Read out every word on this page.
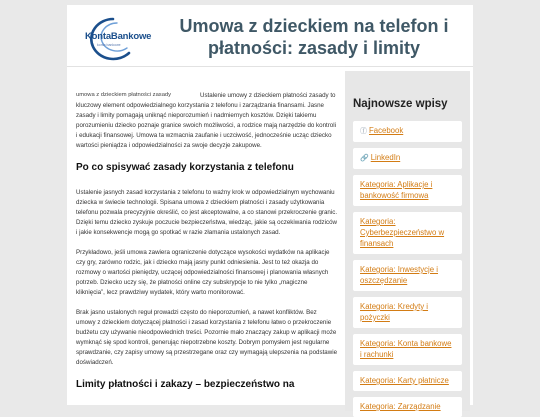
KontaBankowe
konta bankowe
Umowa z dzieckiem na telefon i płatności: zasady i limity

umowa z dzieckiem płatności zasady	Ustalenie umowy z dzieckiem płatności zasady to kluczowy element odpowiedzialnego korzystania z telefonu i zarządzania finansami. Jasne zasady i limity pomagają uniknąć nieporozumień i nadmiernych kosztów. Dzięki takiemu porozumieniu dziecko poznaje granice swoich możliwości, a rodzice mają narzędzie do kontroli i edukacji finansowej. Umowa ta wzmacnia zaufanie i uczciwość, jednocześnie ucząc dziecko wartości pieniądza i odpowiedzialności za swoje decyzje zakupowe.

Po co spisywać zasady korzystania z telefonu

Ustalenie jasnych zasad korzystania z telefonu to ważny krok w odpowiedzialnym wychowaniu dziecka w świecie technologii. Spisana umowa z dzieckiem płatności i zasady użytkowania telefonu pozwala precyzyjnie określić, co jest akceptowalne, a co stanowi przekroczenie granic. Dzięki temu dziecko zyskuje poczucie bezpieczeństwa, wiedząc, jakie są oczekiwania rodziców i jakie konsekwencje mogą go spotkać w razie złamania ustalonych zasad.

Przykładowo, jeśli umowa zawiera ograniczenie dotyczące wysokości wydatków na aplikacje czy gry, zarówno rodzic, jak i dziecko mają jasny punkt odniesienia. Jest to też okazja do rozmowy o wartości pieniędzy, uczącej odpowiedzialności finansowej i planowania własnych potrzeb. Dziecko uczy się, że płatności online czy subskrypcje to nie tylko „magiczne kliknięcia”, lecz prawdziwy wydatek, który warto monitorować.

Brak jasno ustalonych reguł prowadzi często do nieporozumień, a nawet konfliktów. Bez umowy z dzieckiem dotyczącej płatności i zasad korzystania z telefonu łatwo o przekroczenie budżetu czy używanie nieodpowiednich treści. Pozornie mało znaczący zakup w aplikacji może wymknąć się spod kontroli, generując niepotrzebne koszty. Dobrym pomysłem jest regularne sprawdzanie, czy zapisy umowy są przestrzegane oraz czy wymagają ulepszenia na podstawie doświadczeń.

Limity płatności i zakazy – bezpieczeństwo na
Najnowsze wpisy
ⓕ Facebook
🔗 LinkedIn
Kategoria: Aplikacje i bankowość firmowa
Kategoria: Cyberbezpieczeństwo w finansach
Kategoria: Inwestycje i oszczędzanie
Kategoria: Kredyty i pożyczki
Kategoria: Konta bankowe i rachunki
Kategoria: Karty płatnicze
Kategoria: Zarządzanie
